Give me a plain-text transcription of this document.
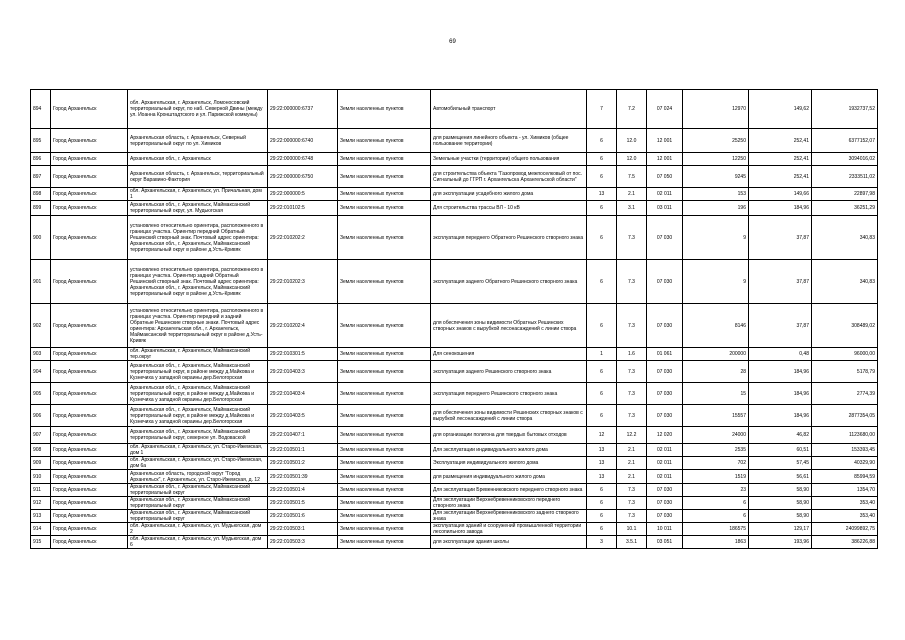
69
894	Город Архангельск	обл. Архангельская, г. Архангельск, Ломоносовский территориальный округ, по наб. Северной Двины (между ул. Иоанна Кронштадтского и ул. Парижской коммуны)	29:22:000000:6737	Земли населенных пунктов	Автомобильный транспорт	7	7.2	07 024	12970	149,62	1932737,52
895	Город Архангельск	Архангельская область, г. Архангельск, Северный территориальный округ по ул. Химиков	29:22:000000:6740	Земли населенных пунктов	для размещения линейного объекта - ул. Химиков (общее пользование территории)	6	12.0	12 001	25250	252,41	6377152,07
896	Город Архангельск	Архангельская обл., г. Архангельск	29:22:000000:6748	Земли населенных пунктов	Земельные участки (территории) общего пользования	6	12.0	12 001	12250	252,41	3094016,02
897	Город Архангельск	Архангельская область, г. Архангельск, территориальный округ Варавино-Фактория	29:22:000000:6750	Земли населенных пунктов	для строительства объекта "Газопровод межпоселковый от пос. Сигнальный до ГГРП г. Архангельска Архангельской области"	6	7.5	07 050	9245	252,41	2333511,02
898	Город Архангельск	обл. Архангельская, г. Архангельск, ул. Причальная, дом 1	29:22:000000:5	Земли населенных пунктов	для эксплуатации усадебного жилого дома	13	2.1	02 011	153	149,66	22897,98
899	Город Архангельск	Архангельская обл., г. Архангельск, Маймаксанский территориальный округ, ул. Мудьюгская	29:22:010102:5	Земли населенных пунктов	Для строительства трассы ВЛ - 10 кВ	6	3.1	03 011	196	184,96	36251,29
900	Город Архангельск	установлено относительно ориентира, расположенного в границах участка. Ориентир передний Обратный Решинский створный знак. Почтовый адрес ориентира: Архангельская обл., г. Архангельск, Маймаксанский территориальный округ в районе д.Усть-Кривяк	29:22:010202:2	Земли населенных пунктов	эксплуатация переднего Обратного Решинского створного знака	6	7.3	07 030	9	37,87	340,83
901	Город Архангельск	установлено относительно ориентира, расположенного в границах участка. Ориентир задний Обратный Решинский створный знак. Почтовый адрес ориентира: Архангельская обл., г. Архангельск, Маймаксанский территориальный округ в районе д.Усть-Кривяк	29:22:010202:3	Земли населенных пунктов	эксплуатация заднего Обратного Решинского створного знака	6	7.3	07 030	9	37,87	340,83
902	Город Архангельск	установлено относительно ориентира, расположенного в границах участка. Ориентир передний и задний Обратные Решинские створные знаки. Почтовый адрес ориентира: Архангельская обл., г. Архангельск, Маймаксанский территориальный округ в районе д.Усть-Кривяк	29:22:010202:4	Земли населенных пунктов	для обеспечения зоны видимости Обратных Решинских створных знаков с вырубкой лесонасаждений с линии створа	6	7.3	07 030	8146	37,87	308489,02
903	Город Архангельск	обл. Архангельская, г. Архангельск, Маймаксанский тер.округ	29:22:010301:5	Земли населенных пунктов	Для сенокошения	1	1.6	01 061	200000	0,48	96000,00
904	Город Архангельск	Архангельская обл., г. Архангельск, Маймаксанский территориальный округ, в районе между д.Майкова и Кузнечиха у западной окраины дер.Белогорская	29:22:010403:3	Земли населенных пунктов	эксплуатация заднего Решинского створного знака	6	7.3	07 030	28	184,96	5178,79
905	Город Архангельск	Архангельская обл., г. Архангельск, Маймаксанский территориальный округ, в районе между д.Майкова и Кузнечиха у западной окраины дер.Белогорская	29:22:010403:4	Земли населенных пунктов	эксплуатация переднего Решинского створного знака	6	7.3	07 030	15	184,96	2774,39
906	Город Архангельск	Архангельская обл., г. Архангельск, Маймаксанский территориальный округ, в районе между д.Майкова и Кузнечиха у западной окраины дер.Белогорская	29:22:010403:5	Земли населенных пунктов	для обеспечения зоны видимости Решинских створных знаков с вырубкой лесонасаждений с линии створа	6	7.3	07 030	15557	184,96	2877354,05
907	Город Архангельск	Архангельская обл., г. Архангельск, Маймаксанский территориальный округ, северное ул. Водоваской	29:22:010407:1	Земли населенных пунктов	для организации полигона для твердых бытовых отходов	12	12.2	12 020	24000	46,82	1123680,00
908	Город Архангельск	обл. Архангельская, г. Архангельск, ул. Старо-Ижемская, дом 1	29:22:010501:1	Земли населенных пунктов	Для эксплуатации индивидуального жилого дома	13	2.1	02 011	2535	60,51	153393,45
909	Город Архангельск	обл. Архангельская, г. Архангельск, ул. Старо-Ижемская, дом 6а	29:22:010501:2	Земли населенных пунктов	Эксплуатация индивидуального жилого дома	13	2.1	02 011	702	57,45	40329,90
910	Город Архангельск	Архангельская область, городской округ "Город Архангельск", г. Архангельск, ул. Старо-Ижемская, д. 12	29:22:010501:39	Земли населенных пунктов	для размещения индивидуального жилого дома	13	2.1	02 011	1519	56,61	85994,59
911	Город Архангельск	Архангельская обл., г. Архангельск, Маймаксанский территориальный округ	29:22:010501:4	Земли населенных пунктов	Для эксплуатации Бревенниковского переднего створного знака	6	7.3	07 030	23	58,90	1354,70
912	Город Архангельск	Архангельская обл., г. Архангельск, Маймаксанский территориальный округ	29:22:010501:5	Земли населенных пунктов	Для эксплуатации Верхнебревенниковского переднего створного знака	6	7.3	07 030	6	58,90	353,40
913	Город Архангельск	Архангельская обл., г. Архангельск, Маймаксанский территориальный округ	29:22:010501:6	Земли населенных пунктов	Для эксплуатации Верхнебревенниковского заднего створного знака	6	7.3	07 030	6	58,90	353,40
914	Город Архангельск	обл. Архангельская, г. Архангельск, ул. Мудьюгская, дом 2	29:22:010503:1	Земли населенных пунктов	эксплуатация зданий и сооружений промышленной территории лесопильного завода	6	10.1	10 011	186575	129,17	24099892,75
915	Город Архангельск	обл. Архангельская, г. Архангельск, ул. Мудьюгская, дом 6	29:22:010503:3	Земли населенных пунктов	для эксплуатации здания школы	3	3.5.1	03 051	1863	193,96	386226,88
